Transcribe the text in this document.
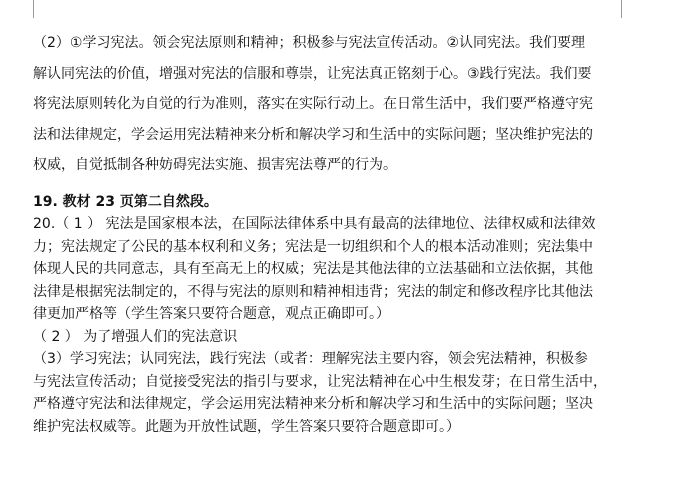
（2）①学习宪法。领会宪法原则和精神；积极参与宪法宣传活动。②认同宪法。我们要理

解认同宪法的价值，增强对宪法的信服和尊崇，让宪法真正铭刻于心。③践行宪法。我们要

将宪法原则转化为自觉的行为准则，落实在实际行动上。在日常生活中，我们要严格遵守宪

法和法律规定，学会运用宪法精神来分析和解决学习和生活中的实际问题；坚决维护宪法的

权威，自觉抵制各种妨碍宪法实施、损害宪法尊严的行为。

19. 教材 23 页第二自然段。

20.（ 1 ） 宪法是国家根本法，在国际法律体系中具有最高的法律地位、法律权威和法律效

力；宪法规定了公民的基本权利和义务；宪法是一切组织和个人的根本活动准则；宪法集中

体现人民的共同意志，具有至高无上的权威；宪法是其他法律的立法基础和立法依据，其他

法律是根据宪法制定的，不得与宪法的原则和精神相违背；宪法的制定和修改程序比其他法

律更加严格等（学生答案只要符合题意，观点正确即可。）

（ 2 ） 为了增强人们的宪法意识

（3）学习宪法；认同宪法，践行宪法（或者：理解宪法主要内容，领会宪法精神，积极参

与宪法宣传活动；自觉接受宪法的指引与要求，让宪法精神在心中生根发芽；在日常生活中，

严格遵守宪法和法律规定，学会运用宪法精神来分析和解决学习和生活中的实际问题；坚决

维护宪法权威等。此题为开放性试题，学生答案只要符合题意即可。）
